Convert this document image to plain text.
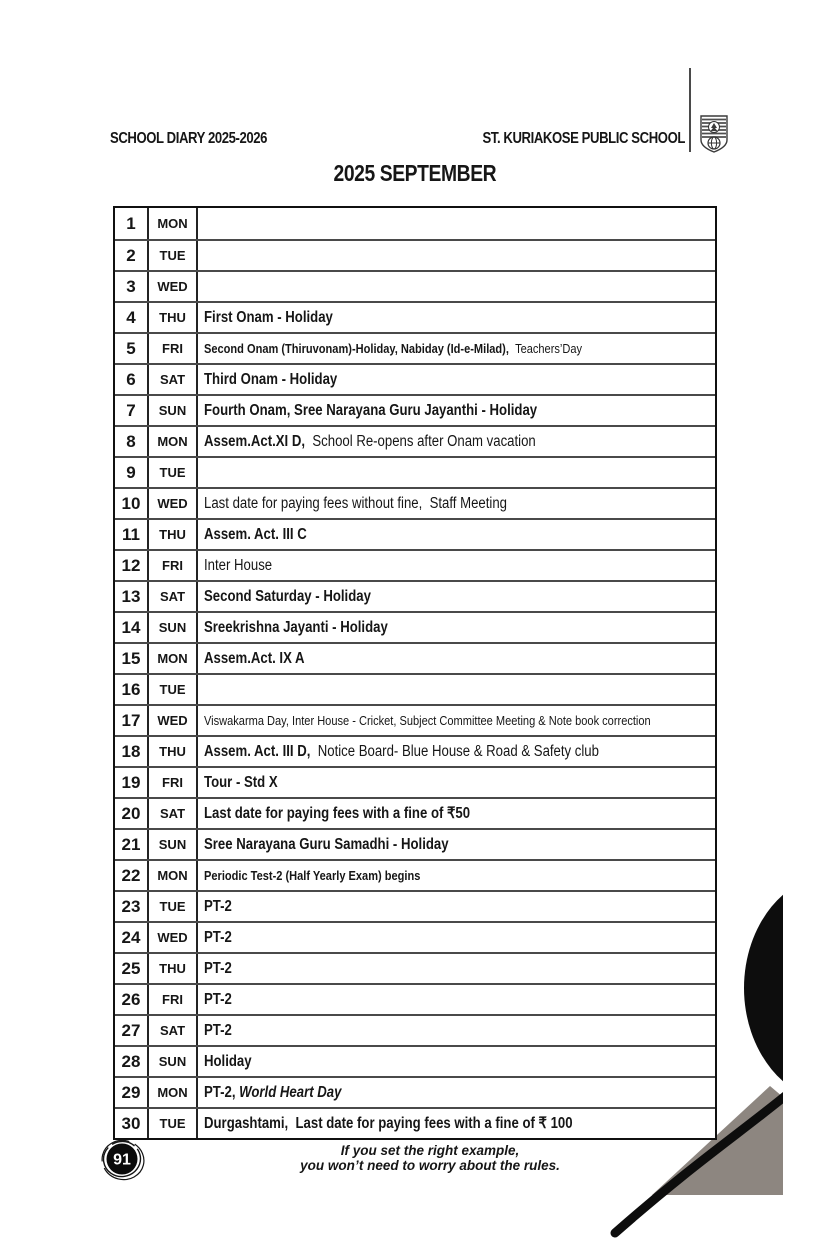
SCHOOL DIARY 2025-2026	ST. KURIAKOSE PUBLIC SCHOOL
2025 SEPTEMBER
1	MON
2	TUE
3	WED
4	THU	First Onam - Holiday
5	FRI	Second Onam (Thiruvonam)-Holiday, Nabiday (Id-e-Milad),  Teachers’Day
6	SAT	Third Onam - Holiday
7	SUN	Fourth Onam, Sree Narayana Guru Jayanthi - Holiday
8	MON	Assem.Act.XI D,  School Re-opens after Onam vacation
9	TUE
10	WED	Last date for paying fees without fine,  Staff Meeting
11	THU	Assem. Act. III C
12	FRI	Inter House
13	SAT	Second Saturday - Holiday
14	SUN	Sreekrishna Jayanti - Holiday
15	MON	Assem.Act. IX A
16	TUE
17	WED	Viswakarma Day, Inter House - Cricket, Subject Committee Meeting & Note book correction
18	THU	Assem. Act. III D,  Notice Board- Blue House & Road & Safety club
19	FRI	Tour - Std X
20	SAT	Last date for paying fees with a fine of ₹50
21	SUN	Sree Narayana Guru Samadhi - Holiday
22	MON	Periodic Test-2 (Half Yearly Exam) begins
23	TUE	PT-2
24	WED	PT-2
25	THU	PT-2
26	FRI	PT-2
27	SAT	PT-2
28	SUN	Holiday
29	MON	PT-2, World Heart Day
30	TUE	Durgashtami,  Last date for paying fees with a fine of ₹ 100
91
If you set the right example,
you won’t need to worry about the rules.
